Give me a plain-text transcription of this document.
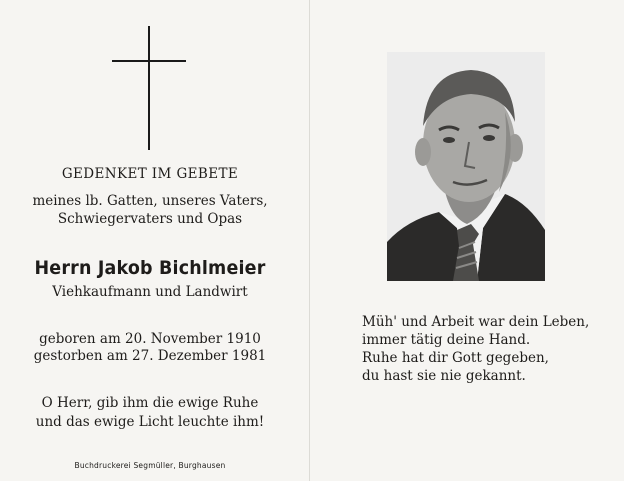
GEDENKET IM GEBETE
meines lb. Gatten, unseres Vaters,
Schwiegervaters und Opas
Herrn Jakob Bichlmeier
Viehkaufmann und Landwirt
geboren am 20. November 1910
gestorben am 27. Dezember 1981
O Herr, gib ihm die ewige Ruhe
und das ewige Licht leuchte ihm!
Buchdruckerei Segmüller, Burghausen
Müh' und Arbeit war dein Leben,
immer tätig deine Hand.
Ruhe hat dir Gott gegeben,
du hast sie nie gekannt.
